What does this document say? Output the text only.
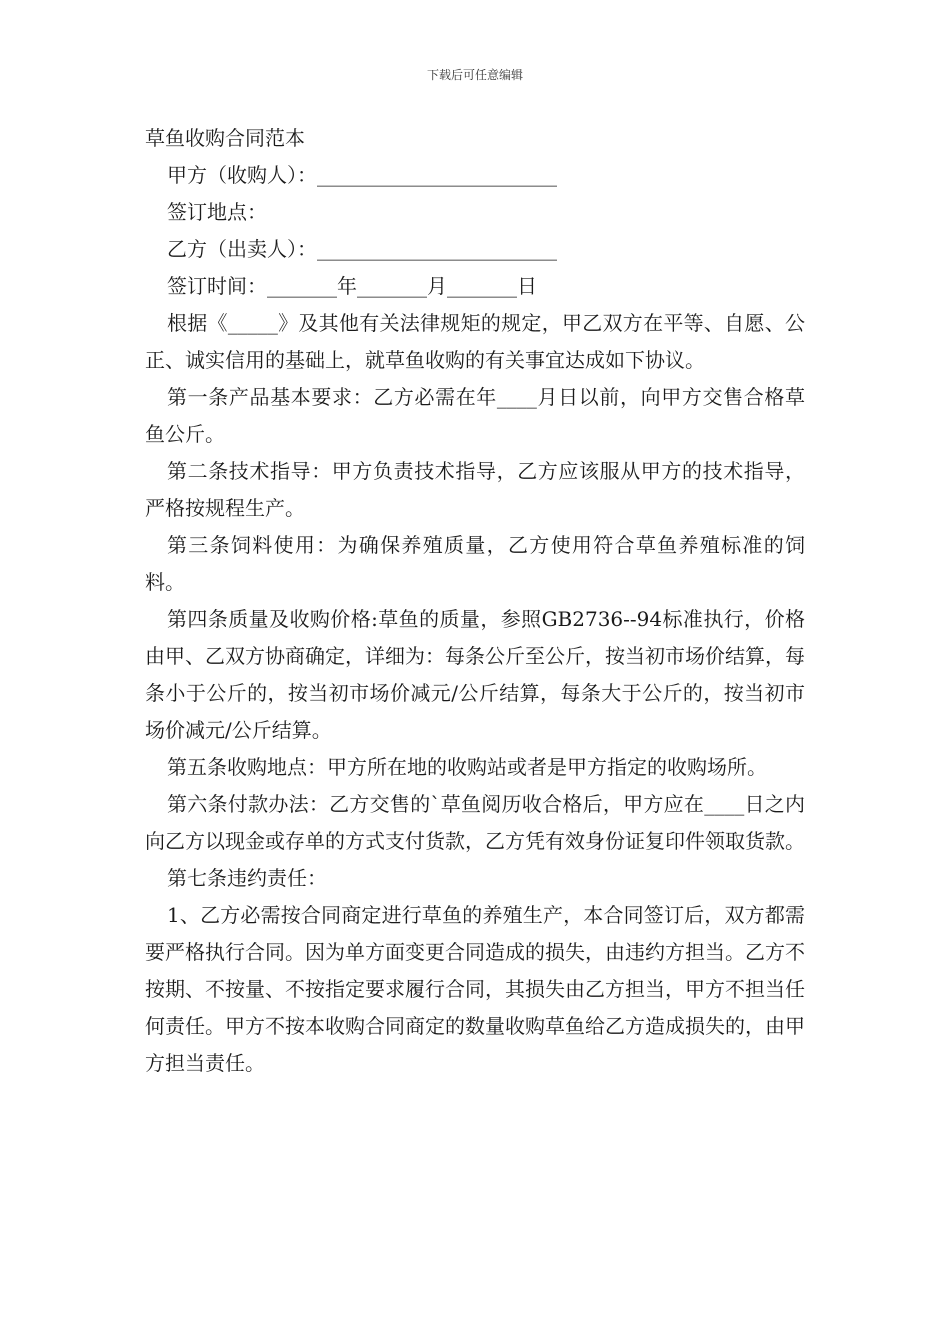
下载后可任意编辑

草鱼收购合同范本

甲方（收购人）：________________________

签订地点：

乙方（出卖人）：________________________

签订时间：_______年_______月_______日

根据《_____》及其他有关法律规矩的规定，甲乙双方在平等、自愿、公正、诚实信用的基础上，就草鱼收购的有关事宜达成如下协议。

第一条产品基本要求：乙方必需在年____月日以前，向甲方交售合格草鱼公斤。

第二条技术指导：甲方负责技术指导，乙方应该服从甲方的技术指导，严格按规程生产。

第三条饲料使用：为确保养殖质量，乙方使用符合草鱼养殖标准的饲料。

第四条质量及收购价格:草鱼的质量，参照GB2736--94标准执行，价格由甲、乙双方协商确定，详细为：每条公斤至公斤，按当初市场价结算，每条小于公斤的，按当初市场价减元/公斤结算，每条大于公斤的，按当初市场价减元/公斤结算。

第五条收购地点：甲方所在地的收购站或者是甲方指定的收购场所。

第六条付款办法：乙方交售的`草鱼阅历收合格后，甲方应在____日之内向乙方以现金或存单的方式支付货款，乙方凭有效身份证复印件领取货款。

第七条违约责任：

1、乙方必需按合同商定进行草鱼的养殖生产，本合同签订后，双方都需要严格执行合同。因为单方面变更合同造成的损失，由违约方担当。乙方不按期、不按量、不按指定要求履行合同，其损失由乙方担当，甲方不担当任何责任。甲方不按本收购合同商定的数量收购草鱼给乙方造成损失的，由甲方担当责任。
